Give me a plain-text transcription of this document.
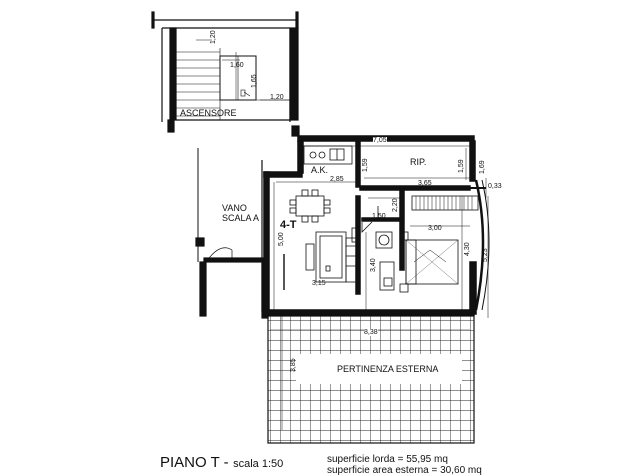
ASCENSORE
VANO
SCALA A
A.K.
RIP.
4-T
PERTINENZA ESTERNA
1,60
1,20
7,05
2,85
3,65	0,33
1,50
3,00
3,15
8,38
1,20
1,65
1,59	1,59 1,69
5,00
2,20
3,40
4,30 5,23
3,85
PIANO T - scala 1:50	superficie lorda = 55,95 mq
superficie area esterna = 30,60 mq
